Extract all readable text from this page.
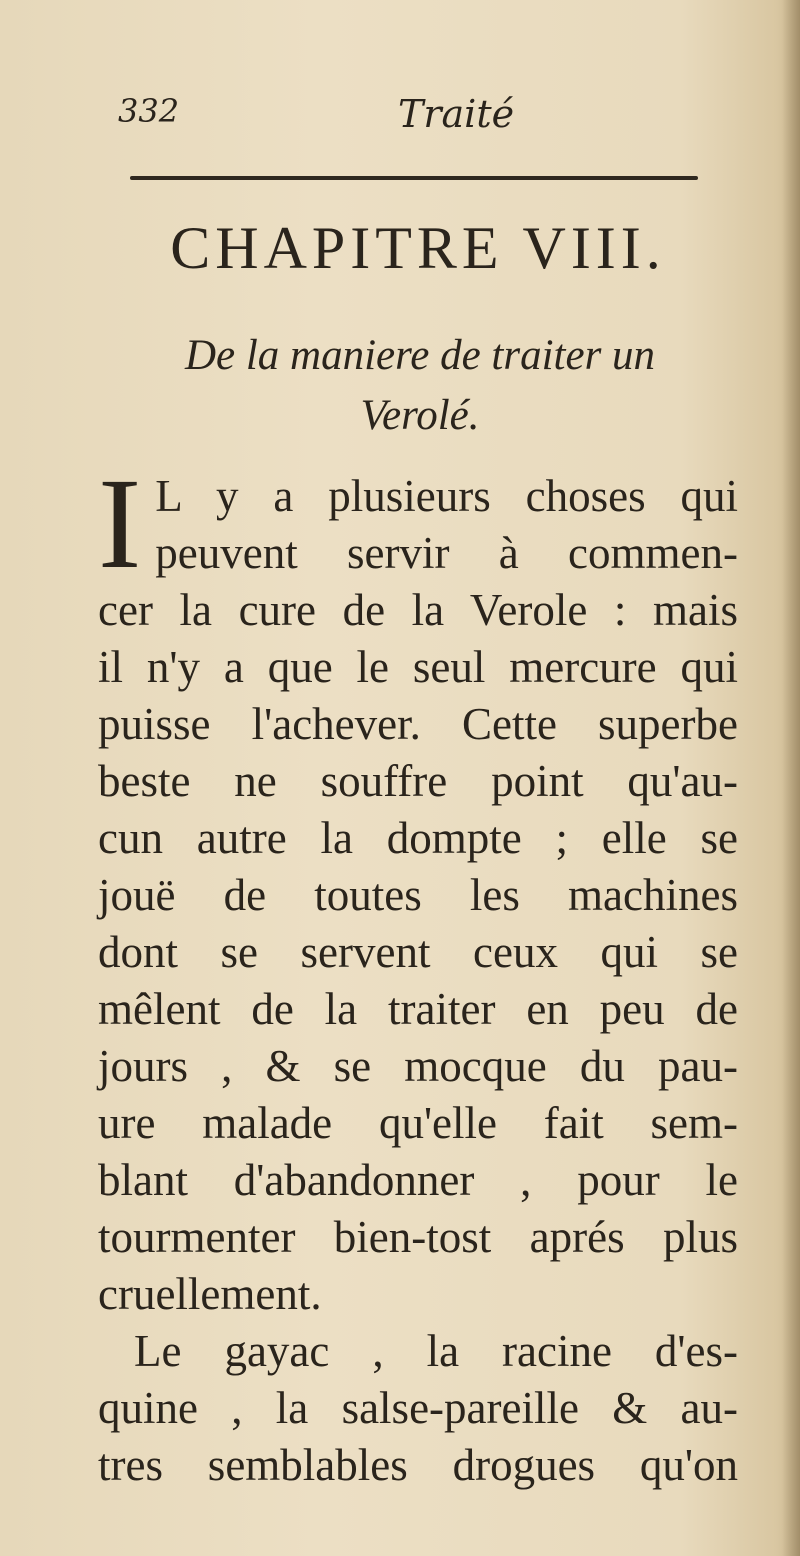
332	Traité
CHAPITRE VIII.
De la maniere de traiter un
Verolé.
I L y a plusieurs choses qui
peuvent servir à commen-
cer la cure de la Verole : mais
il n'y a que le seul mercure qui
puisse l'achever. Cette superbe
beste ne souffre point qu'au-
cun autre la dompte ; elle se
jouë de toutes les machines
dont se servent ceux qui se
mêlent de la traiter en peu de
jours , & se mocque du pau-
ure malade qu'elle fait sem-
blant d'abandonner , pour le
tourmenter bien-tost aprés plus
cruellement.
Le gayac , la racine d'es-
quine , la salse-pareille & au-
tres semblables drogues qu'on
